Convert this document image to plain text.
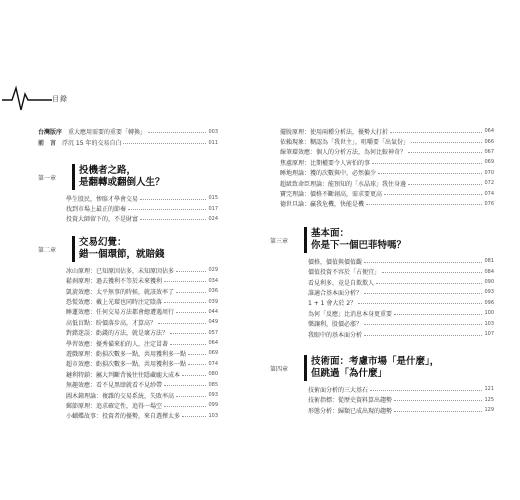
目錄
台灣版序 重大應用需要的重要「轉換」	003
前　言 浮沉 15 年的交易自白	011
第一章
投機者之路，
是翻轉或翻倒人生？
學生股民，惨賠才學會交易	015
找到市場上最正的節奏	017
投資大師留下的，不是財富	024
第二章
交易幻覺：
錯一個環節，就賠錢
冰山原理：已知原因佔多，未知原因佔多	029
鬆刹原理：過去獲利不等於未來獲利	034
凱旋效應：太平無事的時候，就該效率了	036
恐慌效應：戴上光環也同時注定陰落	039
睡蓮效應：任何交易方法都會總遭遇周行	044
高低盲點：盼價落步高，才算高？	049
對錯迷誤：虧錢的方法，就是壞方法？	057
學習效應：優秀備來拍的人，注定冒著	064
遊戲原理：虧損次數多一點，共用獲利多一點	069
超市效應：虧損次數多一點，共用獲利多一點	074
鏈利特鎖：屬大判斷背後往往隱藏龐大成本	080
無趣效應：看不見黑肆就看不見紗帶	085
圖木鐘理論：複雜的交易系統，失敗率高	093
郵節原理：追求確定性，追得一場空	099
小蝴蝶故事：投資者的優勢，來自選擇太多	103
擺脫原理：使用兩種分析法，優勢大打折	064
依賴現象：糊認為「我世主」，咀嚼要「出氣份」	066
線筆環效應：個人的分析方法，為何比較神奇？	067
焦慮原理：比期權要令人害怕的事	069
睡地理論：獲的次數與中，必然偏少	070
超級致命臣理論：能預知的「水晶球」我住身邊	072
寶完理論：價格不斷創高，需求要更高	074
德世旦論：贏我危機，快能是機	076
第三章
基本面：
你是下一個巴菲特嗎？
價格，價值與價值觀	081
價值投資不容於「占便宜」	084
看見利多，竟是自欺欺人	090
誰適合基本面分析？	093
1 + 1 會大於 2？	096
為何「反應」比消息本身更重要	100
樂讓利，股價必漲？	103
我眼中的基本面分析	107
第四章
技術面：考慮市場「是什麼」，
但跳過「為什麼」
技術面分析的三大基石	121
技術指標：從歷史資料算出趨勢	125
形態分析：歸類已成出現的趨勢	129
